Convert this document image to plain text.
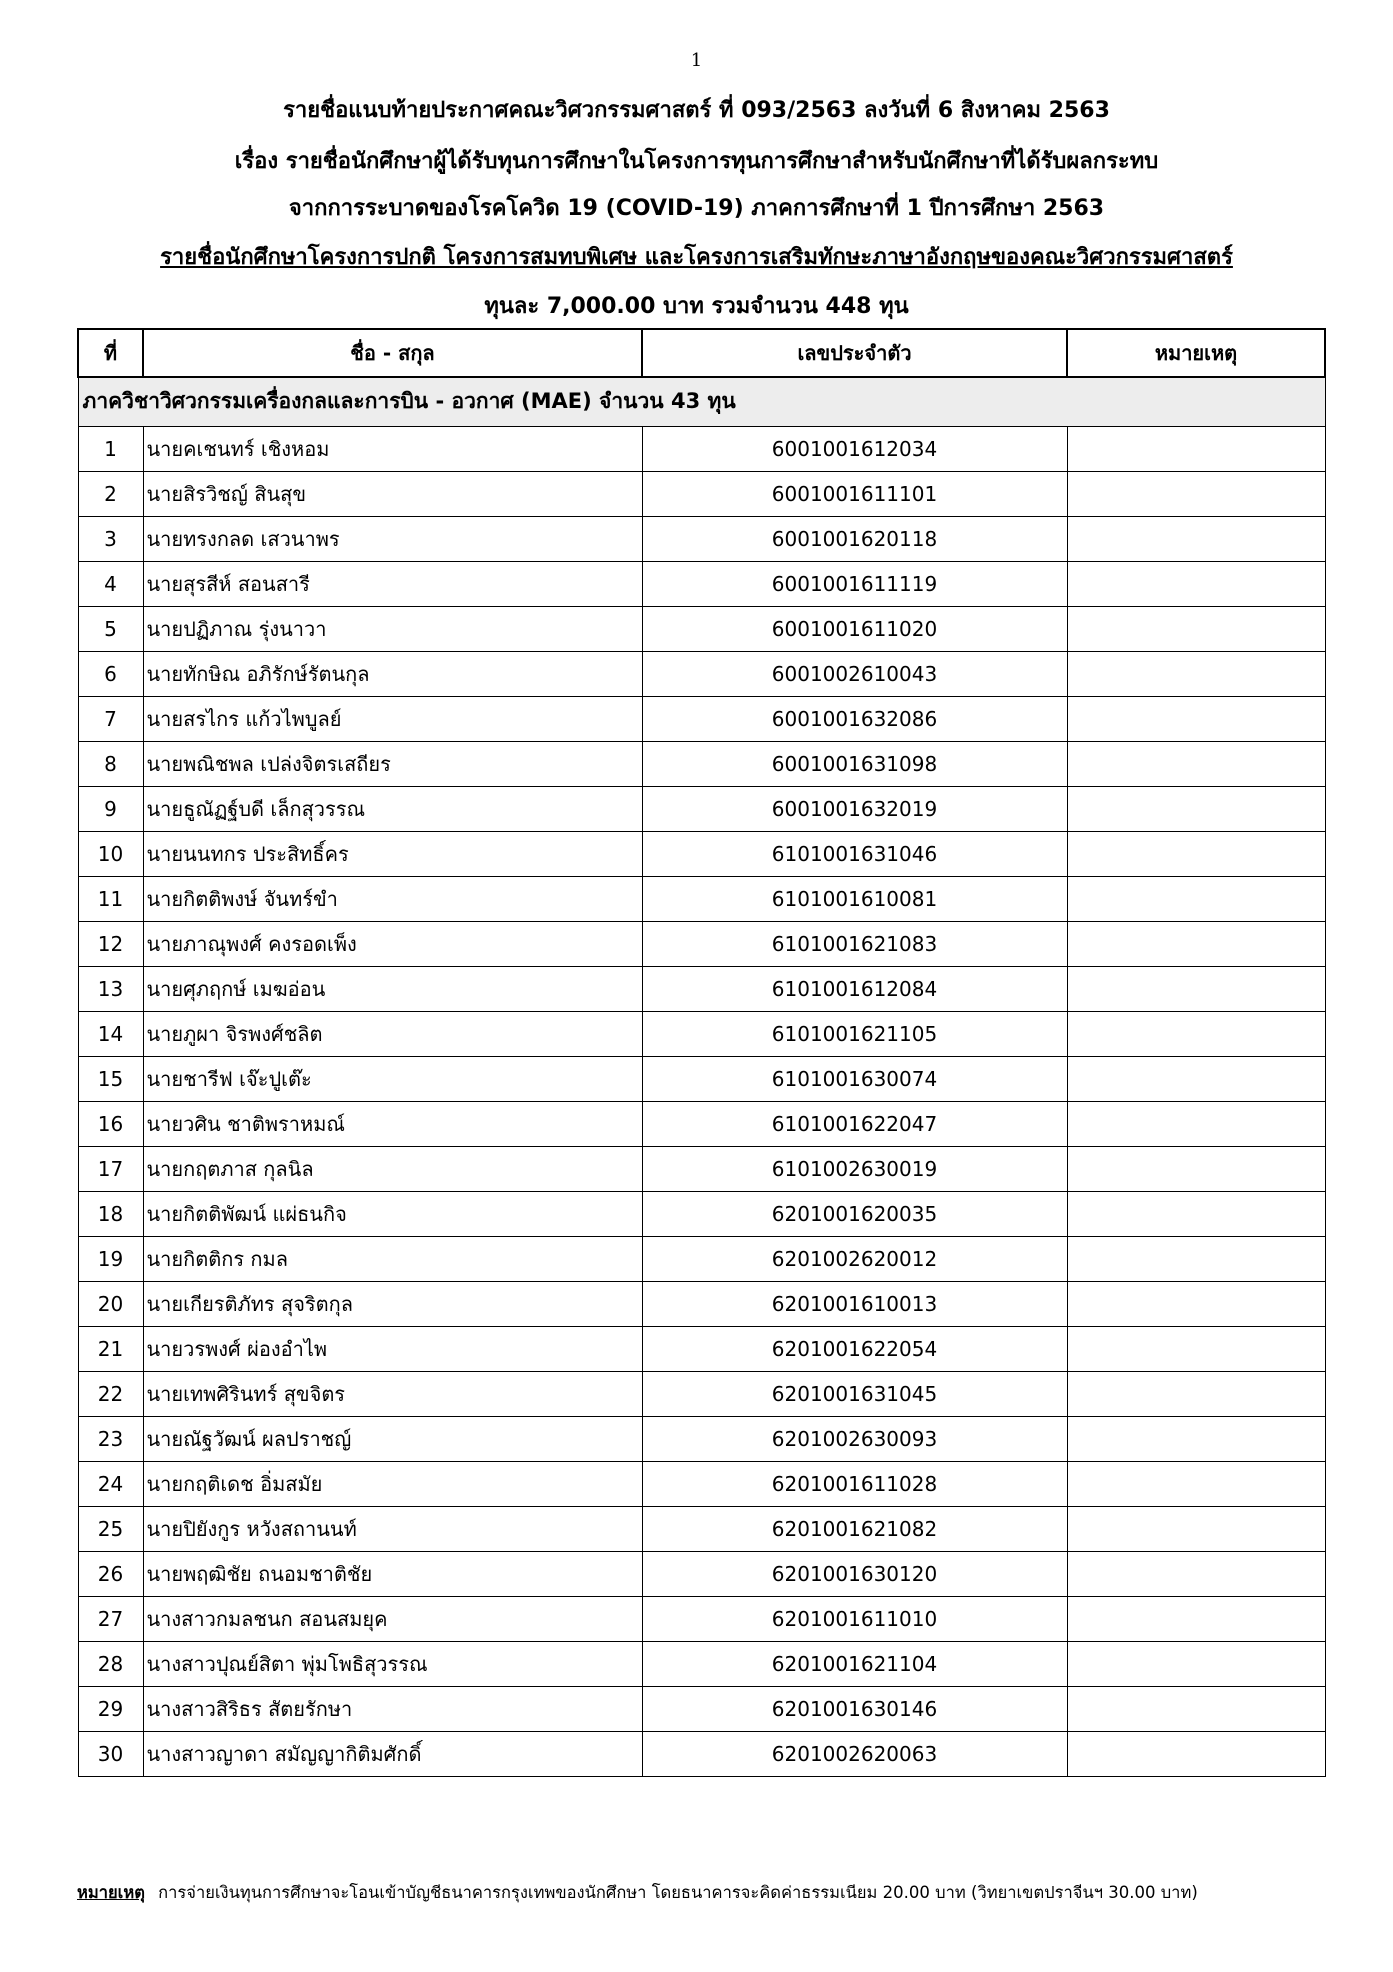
1
รายชื่อแนบท้ายประกาศคณะวิศวกรรมศาสตร์ ที่ 093/2563 ลงวันที่ 6 สิงหาคม 2563
เรื่อง รายชื่อนักศึกษาผู้ได้รับทุนการศึกษาในโครงการทุนการศึกษาสำหรับนักศึกษาที่ได้รับผลกระทบ
จากการระบาดของโรคโควิด 19 (COVID-19) ภาคการศึกษาที่ 1 ปีการศึกษา 2563
รายชื่อนักศึกษาโครงการปกติ โครงการสมทบพิเศษ และโครงการเสริมทักษะภาษาอังกฤษของคณะวิศวกรรมศาสตร์
ทุนละ 7,000.00 บาท รวมจำนวน 448 ทุน
ที่	ชื่อ - สกุล	เลขประจำตัว	หมายเหตุ
ภาควิชาวิศวกรรมเครื่องกลและการบิน - อวกาศ (MAE) จำนวน 43 ทุน			
1	นายคเชนทร์ เชิงหอม	6001001612034	
2	นายสิรวิชญ์ สินสุข	6001001611101	
3	นายทรงกลด เสวนาพร	6001001620118	
4	นายสุรสีห์ สอนสารี	6001001611119	
5	นายปฏิภาณ รุ่งนาวา	6001001611020	
6	นายทักษิณ อภิรักษ์รัตนกุล	6001002610043	
7	นายสรไกร แก้วไพบูลย์	6001001632086	
8	นายพณิชพล เปล่งจิตรเสถียร	6001001631098	
9	นายธูณัฏฐ์บดี เล็กสุวรรณ	6001001632019	
10	นายนนทกร ประสิทธิ์คร	6101001631046	
11	นายกิตติพงษ์ จันทร์ขำ	6101001610081	
12	นายภาณุพงศ์ คงรอดเพ็ง	6101001621083	
13	นายศุภฤกษ์ เมฆอ่อน	6101001612084	
14	นายภูผา จิรพงศ์ชลิต	6101001621105	
15	นายชารีฟ เจ๊ะปูเต๊ะ	6101001630074	
16	นายวศิน ชาติพราหมณ์	6101001622047	
17	นายกฤตภาส กุลนิล	6101002630019	
18	นายกิตติพัฒน์ แผ่ธนกิจ	6201001620035	
19	นายกิตติกร กมล	6201002620012	
20	นายเกียรติภัทร สุจริตกุล	6201001610013	
21	นายวรพงศ์ ผ่องอำไพ	6201001622054	
22	นายเทพศิรินทร์ สุขจิตร	6201001631045	
23	นายณัฐวัฒน์ ผลปราชญ์	6201002630093	
24	นายกฤติเดช อิ่มสมัย	6201001611028	
25	นายปิยังกูร หวังสถานนท์	6201001621082	
26	นายพฤฒิชัย ถนอมชาติชัย	6201001630120	
27	นางสาวกมลชนก สอนสมยุค	6201001611010	
28	นางสาวปุณย์สิตา พุ่มโพธิสุวรรณ	6201001621104	
29	นางสาวสิริธร สัตยรักษา	6201001630146	
30	นางสาวญาดา สมัญญากิติมศักดิ์	6201002620063	
หมายเหตุ การจ่ายเงินทุนการศึกษาจะโอนเข้าบัญชีธนาคารกรุงเทพของนักศึกษา โดยธนาคารจะคิดค่าธรรมเนียม 20.00 บาท (วิทยาเขตปราจีนฯ 30.00 บาท)
